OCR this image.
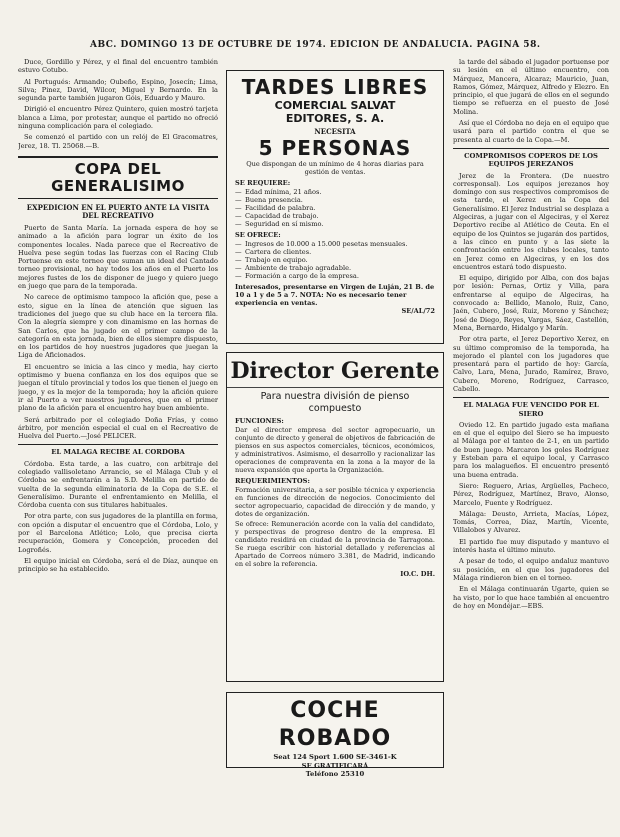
ABC. DOMINGO 13 DE OCTUBRE DE 1974. EDICION DE ANDALUCIA. PAGINA 58.

Duce, Gordillo y Pérez, y el final del encuentro también estuvo Cotubo.

Al Portugués: Armando; Oubeño, Espino, Josecín; Lima, Silva; Pinez, David, Wilcor, Miguel y Bernardo. En la segunda parte también jugaron Góis, Eduardo y Mauro.

Dirigió el encuentro Pérez Quintero, quien mostró tarjeta blanca a Lima, por protestar, aunque el partido no ofreció ninguna complicación para el colegiado.

Se comenzó el partido con un relój de El Gracomatres, Jerez, 18. Tl. 25068.—B.

COPA DEL GENERALISIMO
EXPEDICION EN EL PUERTO ANTE LA VISITA DEL RECREATIVO

Puerto de Santa María. La jornada espera de hoy se animado a la afición para lograr un éxito de los componentes locales. Nada parece que el Recreativo de Huelva pese según todas las fuerzas con el Racing Club Portuense en este torneo que suman un ideal del Cantado torneo provisional, no hay todos los años en el Puerto los mejores fustes de los de disponer de juego y quiero juego en juego que para de la temporada.

No carece de optimismo tampoco la afición que, pese a esto, sigue en la línea de atención que siguen las tradiciones del juego que su club hace en la tercera fila. Con la alegría siempre y con dinamismo en las hornas de San Carlos, que ha jugado en el primer campo de la categoría en esta jornada, bien de ellos siempre dispuesto, en los partidos de hoy nuestros jugadores que juegan la Liga de Aficionados.

El encuentro se inicia a las cinco y media, hay cierto optimismo y buena confianza en los dos equipos que se juegan el título provincial y todos los que tienen el juego en juego, y es la mejor de la temporada; hoy la afición quiere ir al Puerto a ver nuestros jugadores, que en el primer plano de la afición para el encuentro hay buen ambiente.

Será arbitrado por el colegiado Doña Frías, y como árbitro, por mención especial el cual en el Recreativo de Huelva del Puerto.—José PELICER.

EL MALAGA RECIBE AL CORDOBA

Córdoba. Esta tarde, a las cuatro, con arbitraje del colegiado vallisoletano Arrancio, se el Málaga Club y el Córdoba se enfrentarán a la S.D. Melilla en partido de vuelta de la segunda eliminatoria de la Copa de S.E. el Generalísimo. Durante el enfrentamiento en Melilla, el Córdoba cuenta con sus titulares habituales.

Por otra parte, con sus jugadores de la plantilla en forma, con opción a disputar el encuentro que el Córdoba, Lolo, y por el Barcelona Atlético; Lolo, que precisa cierta recuperación, Gomera y Concepción, proceden del Logroñés.

El equipo inicial en Córdoba, será el de Díaz, aunque en principio se ha establecido.

TARDES LIBRES
COMERCIAL SALVAT
EDITORES, S. A.
NECESITA
5 PERSONAS
Que dispongan de un mínimo de 4 horas diarias para gestión de ventas.
SE REQUIERE:
— Edad mínima, 21 años.
— Buena presencia.
— Facilidad de palabra.
— Capacidad de trabajo.
— Seguridad en sí mismo.
SE OFRECE:
— Ingresos de 10.000 a 15.000 pesetas mensuales.
— Cartera de clientes.
— Trabajo en equipo.
— Ambiente de trabajo agradable.
— Formación a cargo de la empresa.
Interesados, presentarse en Virgen de Luján, 21 B. de 10 a 1 y de 5 a 7. NOTA: No es necesario tener experiencia en ventas.
SE/AL/72
Director Gerente
Para nuestra división de pienso compuesto
FUNCIONES:

Dar el director empresa del sector agropecuario, un conjunto de directo y general de objetivos de fabricación de piensos en sus aspectos comerciales, técnicos, económicos, y administrativos. Asimismo, el desarrollo y racionalizar las operaciones de compraventa en la zona a la mayor de la nueva expansión que aporta la Organización.

REQUERIMIENTOS:

Formación universitaria, a ser posible técnica y experiencia en funciones de dirección de negocios. Conocimiento del sector agropecuario, capacidad de dirección y de mando, y dotes de organización.

Se ofrece: Remuneración acorde con la valía del candidato, y perspectivas de progreso dentro de la empresa. El candidato residirá en ciudad de la provincia de Tarragona. Se ruega escribir con historial detallado y referencias al Apartado de Correos número 3.381, de Madrid, indicando en el sobre la referencia.

IO.C. DH.
COCHE ROBADO
Seat 124 Sport 1.600 SE-3461-K
SE GRATIFICARÁ
Teléfono 25310

la tarde del sábado el jugador portuense por su lesión en el último encuentro, con Márquez, Mancera, Alcaraz; Mauricio, Juan, Ramos, Gómez, Márquez, Alfredo y Elezro. En principio, el que jugará de ellos en el segundo tiempo se refuerza en el puesto de José Molina.

Así que el Córdoba no deja en el equipo que usará para el partido contra el que se presenta al cuarto de la Copa.—M.

COMPROMISOS COPEROS DE LOS EQUIPOS JEREZANOS

Jerez de la Frontera. (De nuestro corresponsal). Los equipos jerezanos hoy domingo con sus respectivos compromisos de esta tarde, el Xerez en la Copa del Generalísimo. El Jerez Industrial se desplaza a Algeciras, a jugar con el Algeciras, y el Xerez Deportivo recibe al Atlético de Ceuta. En el equipo de los Quintos se jugarán dos partidos, a las cinco en punto y a las siete la confrontación entre los clubes locales, tanto en Jerez como en Algeciras, y en los dos encuentros estará todo dispuesto.

El equipo, dirigido por Alba, con dos bajas por lesión: Pernas, Ortiz y Villa, para enfrentarse al equipo de Algeciras, ha convocado a: Bellido, Manolo, Ruiz, Cano, Jaén, Cubero, José, Ruiz, Moreno y Sánchez; José de Diego, Reyes, Vargas, Sáez, Castellón, Mena, Bernardo, Hidalgo y Marín.

Por otra parte, el Jerez Deportivo Xerez, en su último compromiso de la temporada, ha mejorado el plantel con los jugadores que presentará para el partido de hoy: García, Calvo, Lara, Mena, Jurado, Ramírez, Bravo, Cubero, Moreno, Rodríguez, Carrasco, Cabello.

EL MALAGA FUE VENCIDO POR EL SIERO

Oviedo 12. En partido jugado esta mañana en el que el equipo del Siero se ha impuesto al Málaga por el tanteo de 2-1, en un partido de buen juego. Marcaron los goles Rodríguez y Esteban para el equipo local, y Carrasco para los malagueños. El encuentro presentó una buena entrada.

Siero: Reguero, Arias, Argüelles, Pacheco, Pérez, Rodríguez, Martínez, Bravo, Alonso, Marcelo, Fuente y Rodríguez.

Málaga: Deusto, Arrieta, Macías, López, Tomás, Correa, Díaz, Martín, Vicente, Villalobos y Alvarez.

El partido fue muy disputado y mantuvo el interés hasta el último minuto.

A pesar de todo, el equipo andaluz mantuvo su posición, en el que los jugadores del Málaga rindieron bien en el torneo.

En el Málaga continuarán Ugarte, quien se ha visto, por lo que hace también al encuentro de hoy en Mondéjar.—EBS.
